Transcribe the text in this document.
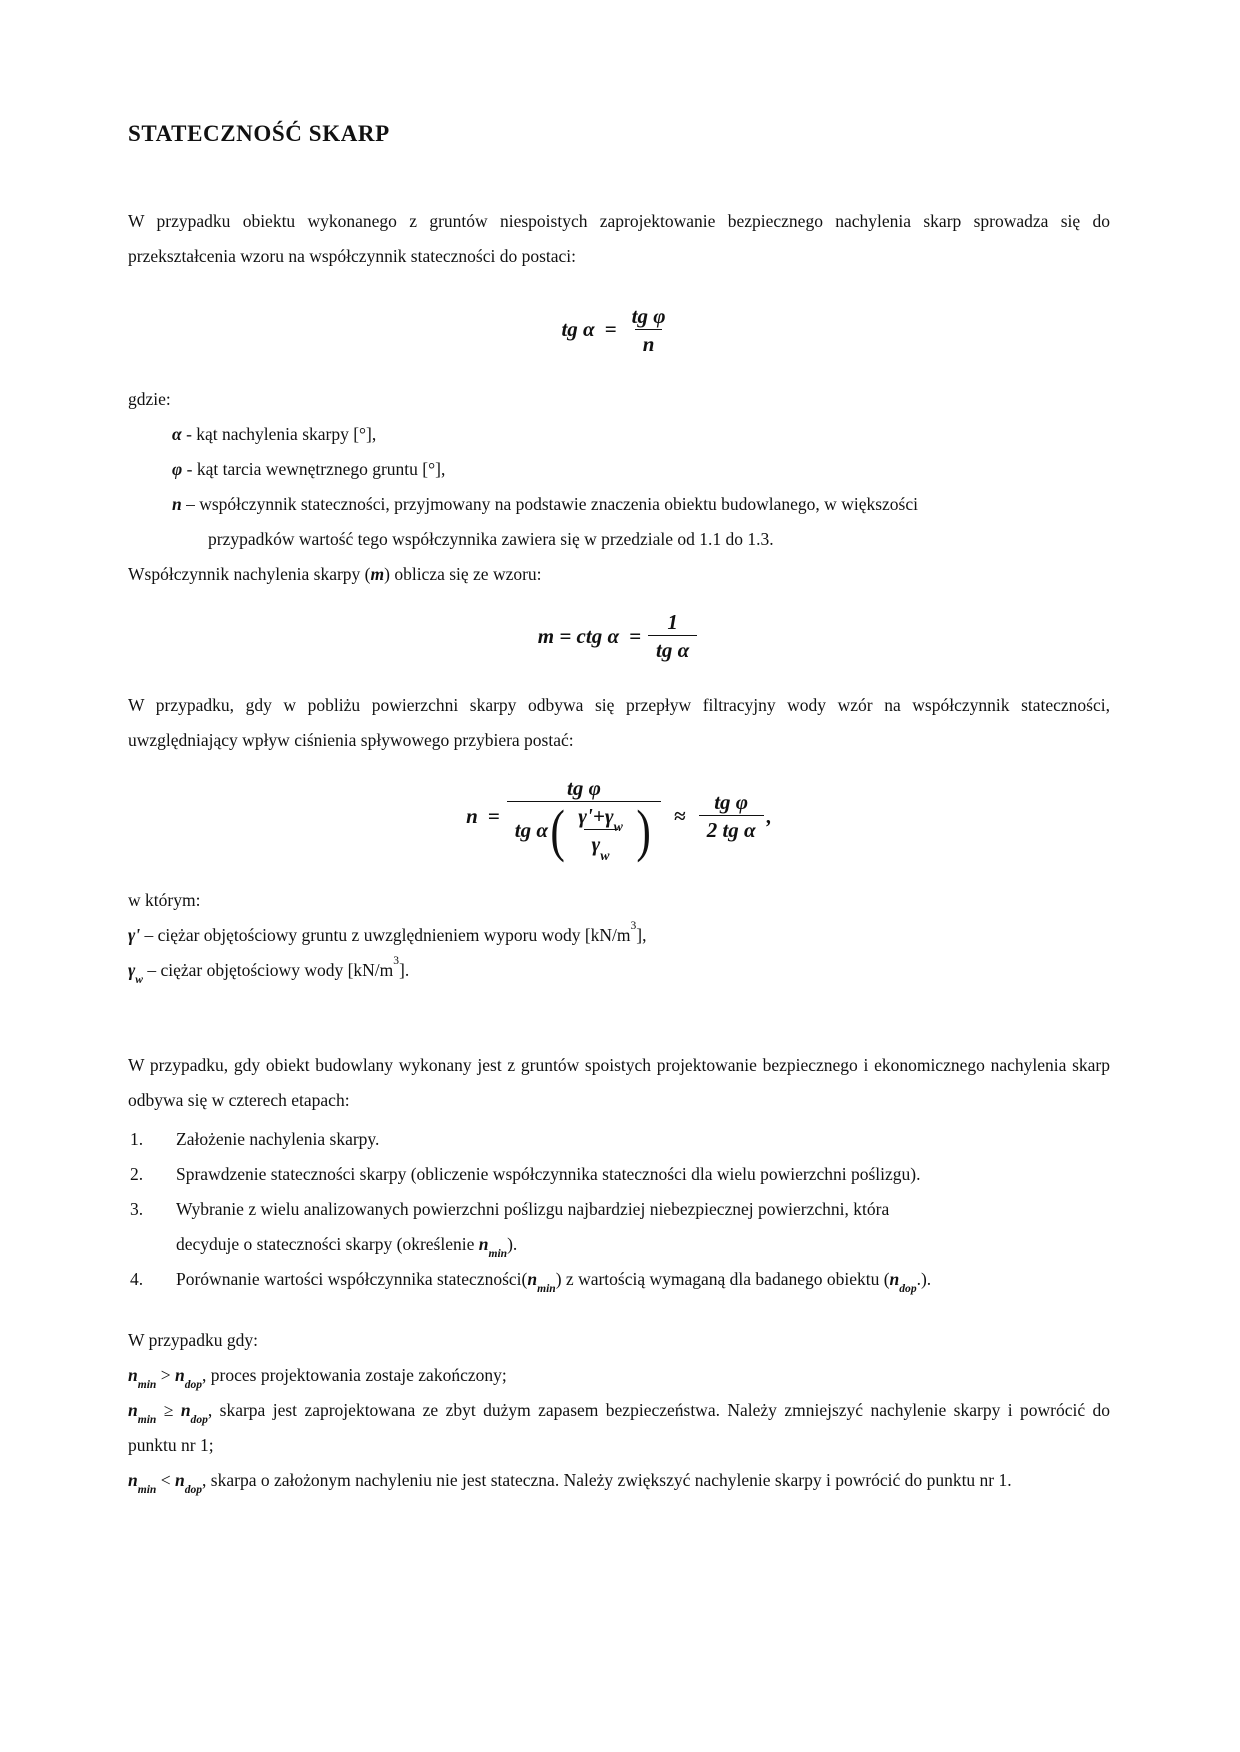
STATECZNOŚĆ SKARP

W przypadku obiektu wykonanego z gruntów niespoistych zaprojektowanie bezpiecznego nachylenia skarp sprowadza się do przekształcenia wzoru na współczynnik stateczności do postaci:

tg $\alpha = \frac{\text{tg φ}}{n}$

gdzie:

α - kąt nachylenia skarpy [°],
φ - kąt tarcia wewnętrznego gruntu [°],
n – współczynnik stateczności, przyjmowany na podstawie znaczenia obiektu budowlanego, w większości
przypadków wartość tego współczynnika zawiera się w przedziale od 1.1 do 1.3.

Współczynnik nachylenia skarpy (m) oblicza się ze wzoru:

m = ctg $\alpha = \frac{1}{\text{tg α}}$

W przypadku, gdy w pobliżu powierzchni skarpy odbywa się przepływ filtracyjny wody wzór na współczynnik stateczności, uwzględniający wpływ ciśnienia spływowego przybiera postać:

n =
tg φ
tg α ( $\frac{\gamma'+\gamma_w}{\gamma_w}$ ) ≈ $\frac{\text{tg φ}}{\text{2 tg α}}$ ,

w którym:

γ' – ciężar objętościowy gruntu z uwzględnieniem wyporu wody $[kN/m^3]$,

$\gamma_w$ – ciężar objętościowy wody $[kN/m^3]$.

W przypadku, gdy obiekt budowlany wykonany jest z gruntów spoistych projektowanie bezpiecznego i ekonomicznego nachylenia skarp odbywa się w czterech etapach:

Założenie nachylenia skarpy.
Sprawdzenie stateczności skarpy (obliczenie współczynnika stateczności dla wielu powierzchni poślizgu).
Wybranie z wielu analizowanych powierzchni poślizgu najbardziej niebezpiecznej powierzchni, która
decyduje o stateczności skarpy (określenie $n_{min}$).
Porównanie wartości współczynnika $stateczności(n_{min})$ z wartością wymaganą dla badanego obiektu $(n_{dop}.)$.

W przypadku gdy:

$n_{min} > n_{dop}$, proces projektowania zostaje zakończony;

$n_{min} \ge n_{dop}$, skarpa jest zaprojektowana ze zbyt dużym zapasem bezpieczeństwa. Należy zmniejszyć nachylenie skarpy i powrócić do punktu nr 1;

$n_{min} < n_{dop}$, skarpa o założonym nachyleniu nie jest stateczna. Należy zwiększyć nachylenie skarpy i powrócić do punktu nr 1.
